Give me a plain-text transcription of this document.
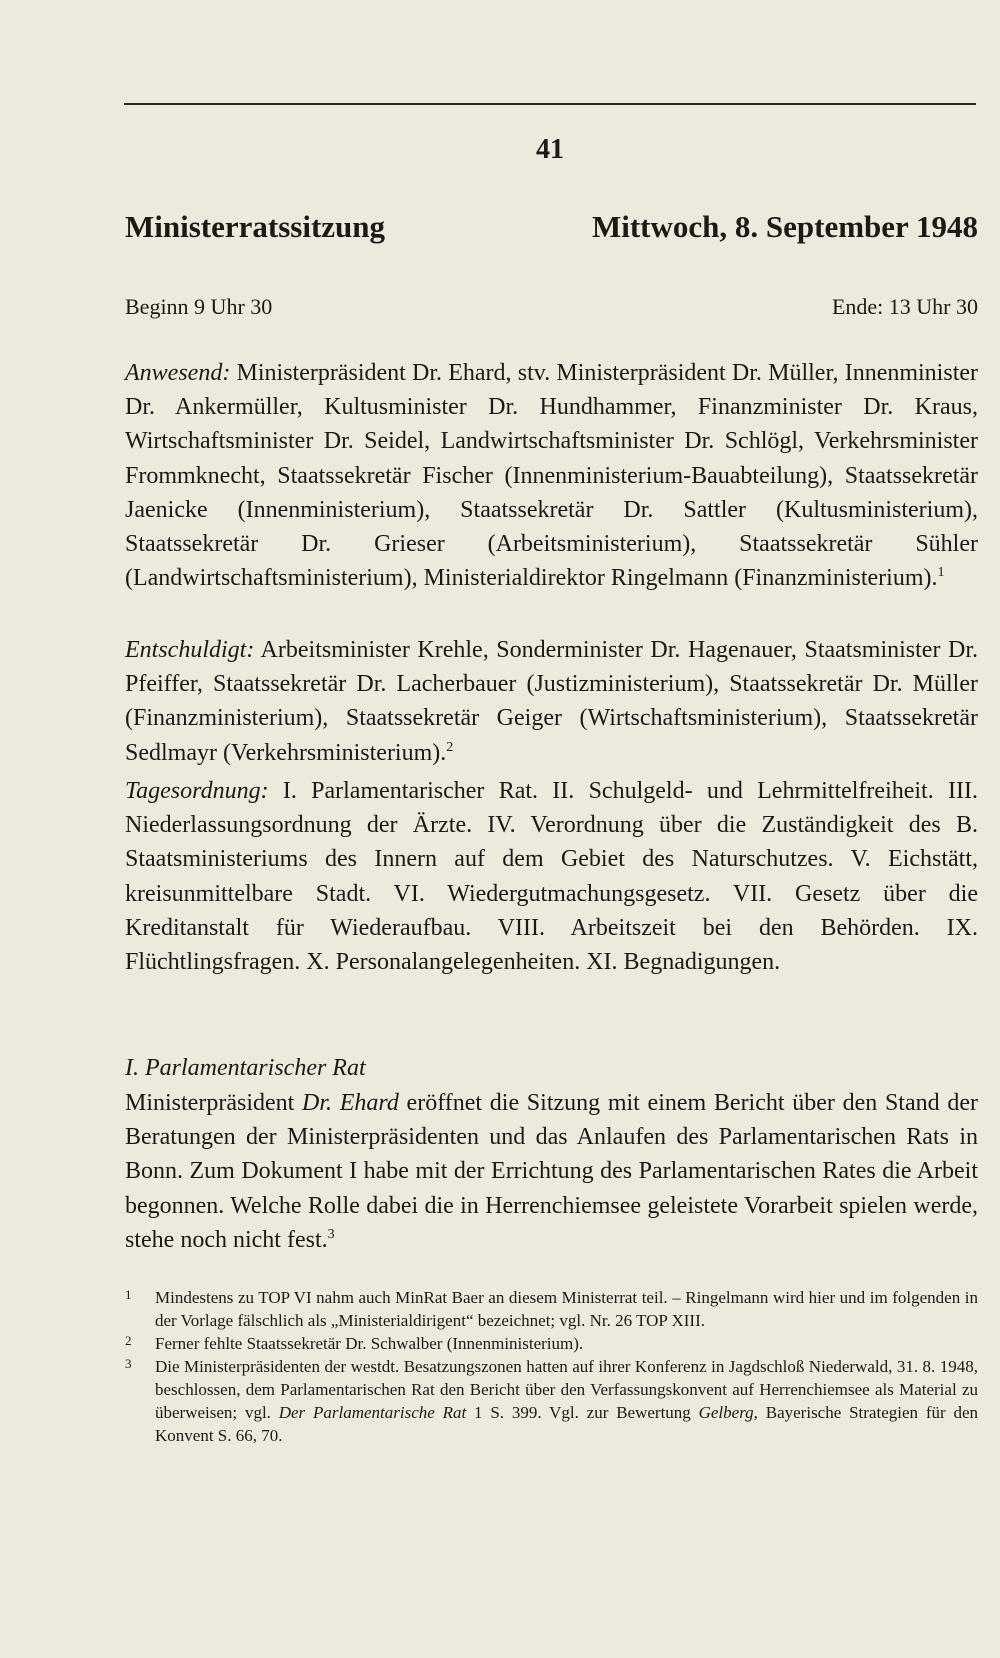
41
Ministerratssitzung	Mittwoch, 8. September 1948
Beginn 9 Uhr 30	Ende: 13 Uhr 30
Anwesend: Ministerpräsident Dr. Ehard, stv. Ministerpräsident Dr. Müller, Innenminister Dr. Ankermüller, Kultusminister Dr. Hundhammer, Finanzminister Dr. Kraus, Wirtschaftsminister Dr. Seidel, Landwirtschaftsminister Dr. Schlögl, Verkehrsminister Frommknecht, Staatssekretär Fischer (Innenministerium-Bauabteilung), Staatssekretär Jaenicke (Innenministerium), Staatssekretär Dr. Sattler (Kultusministerium), Staatssekretär Dr. Grieser (Arbeitsministerium), Staatssekretär Sühler (Landwirtschaftsministerium), Ministerialdirektor Ringelmann (Finanzministerium).$^1$
Entschuldigt: Arbeitsminister Krehle, Sonderminister Dr. Hagenauer, Staatsminister Dr. Pfeiffer, Staatssekretär Dr. Lacherbauer (Justizministerium), Staatssekretär Dr. Müller (Finanzministerium), Staatssekretär Geiger (Wirtschaftsministerium), Staatssekretär Sedlmayr (Verkehrsministerium).$^2$
Tagesordnung: I. Parlamentarischer Rat. II. Schulgeld- und Lehrmittelfreiheit. III. Niederlassungsordnung der Ärzte. IV. Verordnung über die Zuständigkeit des B. Staatsministeriums des Innern auf dem Gebiet des Naturschutzes. V. Eichstätt, kreisunmittelbare Stadt. VI. Wiedergutmachungsgesetz. VII. Gesetz über die Kreditanstalt für Wiederaufbau. VIII. Arbeitszeit bei den Behörden. IX. Flüchtlingsfragen. X. Personalangelegenheiten. XI. Begnadigungen.
I. Parlamentarischer Rat
Ministerpräsident Dr. Ehard eröffnet die Sitzung mit einem Bericht über den Stand der Beratungen der Ministerpräsidenten und das Anlaufen des Parlamentarischen Rats in Bonn. Zum Dokument I habe mit der Errichtung des Parlamentarischen Rates die Arbeit begonnen. Welche Rolle dabei die in Herrenchiemsee geleistete Vorarbeit spielen werde, stehe noch nicht fest.$^3$
1	Mindestens zu TOP VI nahm auch MinRat Baer an diesem Ministerrat teil. – Ringelmann wird hier und im folgenden in der Vorlage fälschlich als „Ministerialdirigent“ bezeichnet; vgl. Nr. 26 TOP XIII.
2	Ferner fehlte Staatssekretär Dr. Schwalber (Innenministerium).
3	Die Ministerpräsidenten der westdt. Besatzungszonen hatten auf ihrer Konferenz in Jagdschloß Niederwald, 31. 8. 1948, beschlossen, dem Parlamentarischen Rat den Bericht über den Verfassungskonvent auf Herrenchiemsee als Material zu überweisen; vgl. Der Parlamentarische Rat 1 S. 399. Vgl. zur Bewertung Gelberg, Bayerische Strategien für den Konvent S. 66, 70.
